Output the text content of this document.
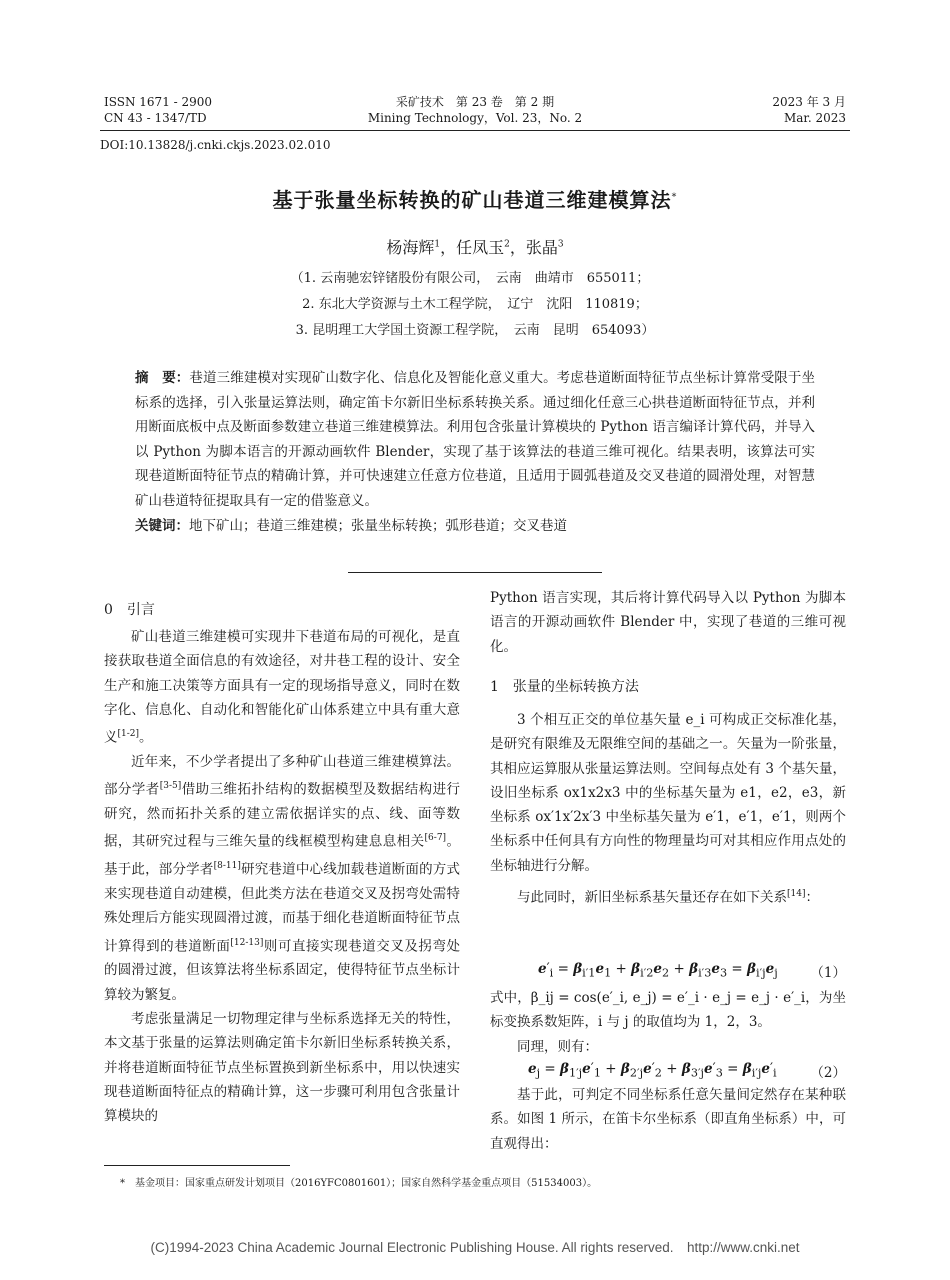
ISSN 1671 - 2900
CN 43 - 1347/TD
采矿技术　第 23 卷　第 2 期
Mining Technology，Vol. 23，No. 2
2023 年 3 月
Mar. 2023
DOI:10.13828/j.cnki.ckjs.2023.02.010
基于张量坐标转换的矿山巷道三维建模算法*
杨海辉$^1$，任凤玉$^2$，张晶$^3$
（1. 云南驰宏锌锗股份有限公司，　云南　曲靖市　655011；
2. 东北大学资源与土木工程学院，　辽宁　沈阳　110819；
3. 昆明理工大学国土资源工程学院，　云南　昆明　654093）
摘　要：巷道三维建模对实现矿山数字化、信息化及智能化意义重大。考虑巷道断面特征节点坐标计算常受限于坐标系的选择，引入张量运算法则，确定笛卡尔新旧坐标系转换关系。通过细化任意三心拱巷道断面特征节点，并利用断面底板中点及断面参数建立巷道三维建模算法。利用包含张量计算模块的 Python 语言编译计算代码，并导入以 Python 为脚本语言的开源动画软件 Blender，实现了基于该算法的巷道三维可视化。结果表明，该算法可实现巷道断面特征节点的精确计算，并可快速建立任意方位巷道，且适用于圆弧巷道及交叉巷道的圆滑处理，对智慧矿山巷道特征提取具有一定的借鉴意义。
关键词：地下矿山；巷道三维建模；张量坐标转换；弧形巷道；交叉巷道
0　引言

矿山巷道三维建模可实现井下巷道布局的可视化，是直接获取巷道全面信息的有效途径，对井巷工程的设计、安全生产和施工决策等方面具有一定的现场指导意义，同时在数字化、信息化、自动化和智能化矿山体系建立中具有重大意义[1-2]。

近年来，不少学者提出了多种矿山巷道三维建模算法。部分学者[3-5]借助三维拓扑结构的数据模型及数据结构进行研究，然而拓扑关系的建立需依据详实的点、线、面等数据，其研究过程与三维矢量的线框模型构建息息相关[6-7]。基于此，部分学者[8-11]研究巷道中心线加载巷道断面的方式来实现巷道自动建模，但此类方法在巷道交叉及拐弯处需特殊处理后方能实现圆滑过渡，而基于细化巷道断面特征节点计算得到的巷道断面[12-13]则可直接实现巷道交叉及拐弯处的圆滑过渡，但该算法将坐标系固定，使得特征节点坐标计算较为繁复。

考虑张量满足一切物理定律与坐标系选择无关的特性，本文基于张量的运算法则确定笛卡尔新旧坐标系转换关系，并将巷道断面特征节点坐标置换到新坐标系中，用以快速实现巷道断面特征点的精确计算，这一步骤可利用包含张量计算模块的

Python 语言实现，其后将计算代码导入以 Python 为脚本语言的开源动画软件 Blender 中，实现了巷道的三维可视化。

1　张量的坐标转换方法

3 个相互正交的单位基矢量 e_i 可构成正交标准化基，是研究有限维及无限维空间的基础之一。矢量为一阶张量，其相应运算服从张量运算法则。空间每点处有 3 个基矢量，设旧坐标系 ox1x2x3 中的坐标基矢量为 e1，e2，e3，新坐标系 ox′1x′2x′3 中坐标基矢量为 e′1，e′1，e′1，则两个坐标系中任何具有方向性的物理量均可对其相应作用点处的坐标轴进行分解。

与此同时，新旧坐标系基矢量还存在如下关系[14]：

$e'_i = \beta_{i'1}e_1 + \beta_{i'2}e_2 + \beta_{i'3}e_3 = \beta_{i'j}e_j$ （1）

式中，β_ij = cos(e′_i, e_j) = e′_i · e_j = e_j · e′_i，为坐标变换系数矩阵，i 与 j 的取值均为 1，2，3。

同理，则有：

$e_j = \beta_{1'j}e'_1 + \beta_{2'j}e'_2 + \beta_{3'j}e'_3 = \beta_{i'j}e'_i$	（2）

基于此，可判定不同坐标系任意矢量间定然存在某种联系。如图 1 所示，在笛卡尔坐标系（即直角坐标系）中，可直观得出：

*　基金项目：国家重点研发计划项目（2016YFC0801601）；国家自然科学基金重点项目（51534003）。
(C)1994-2023 China Academic Journal Electronic Publishing House. All rights reserved.　http://www.cnki.net
